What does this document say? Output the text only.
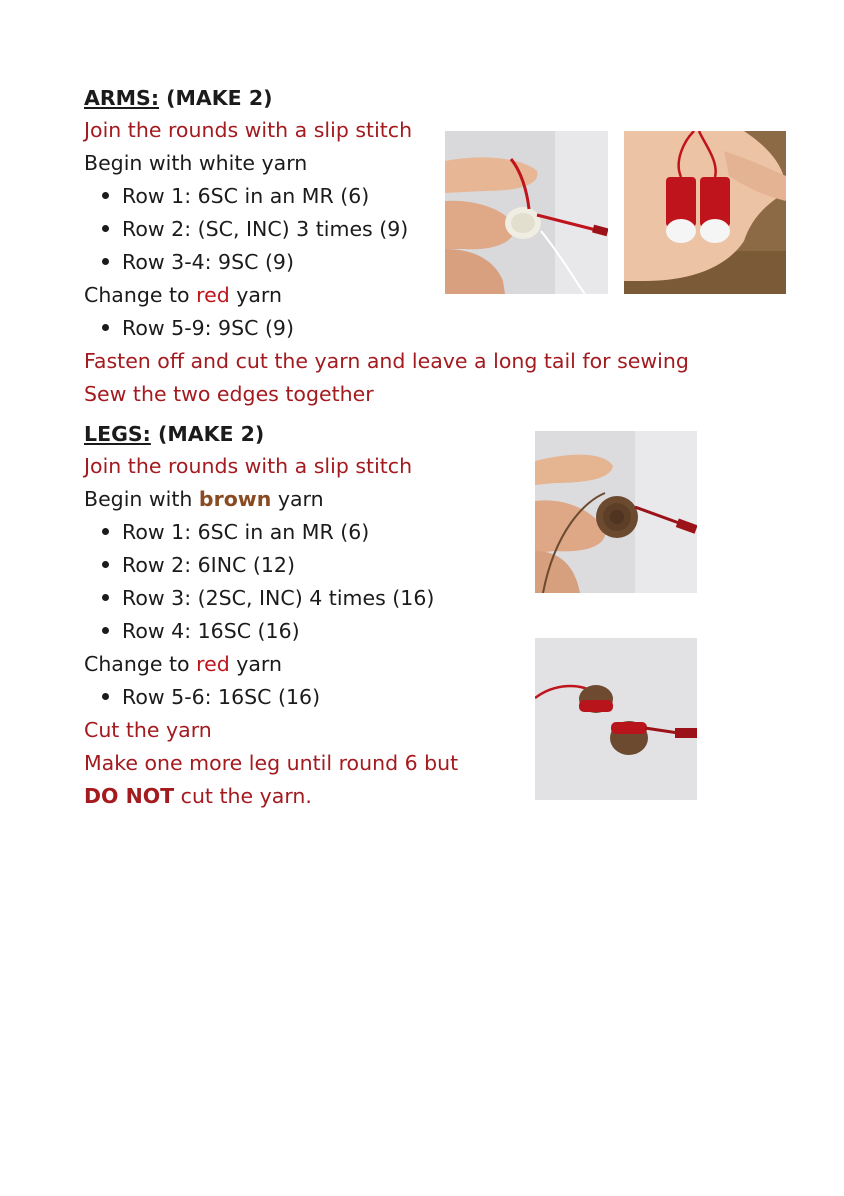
ARMS: (MAKE 2)
Join the rounds with a slip stitch
Begin with white yarn
Row 1: 6SC in an MR (6)
Row 2: (SC, INC) 3 times (9)
Row 3-4: 9SC (9)
Change to red yarn
Row 5-9: 9SC (9)
Fasten off and cut the yarn and leave a long tail for sewing
Sew the two edges together
LEGS: (MAKE 2)
Join the rounds with a slip stitch
Begin with brown yarn
Row 1: 6SC in an MR (6)
Row 2: 6INC (12)
Row 3: (2SC, INC) 4 times (16)
Row 4: 16SC (16)
Change to red yarn
Row 5-6: 16SC (16)
Cut the yarn
Make one more leg until round 6 but
DO NOT cut the yarn.
